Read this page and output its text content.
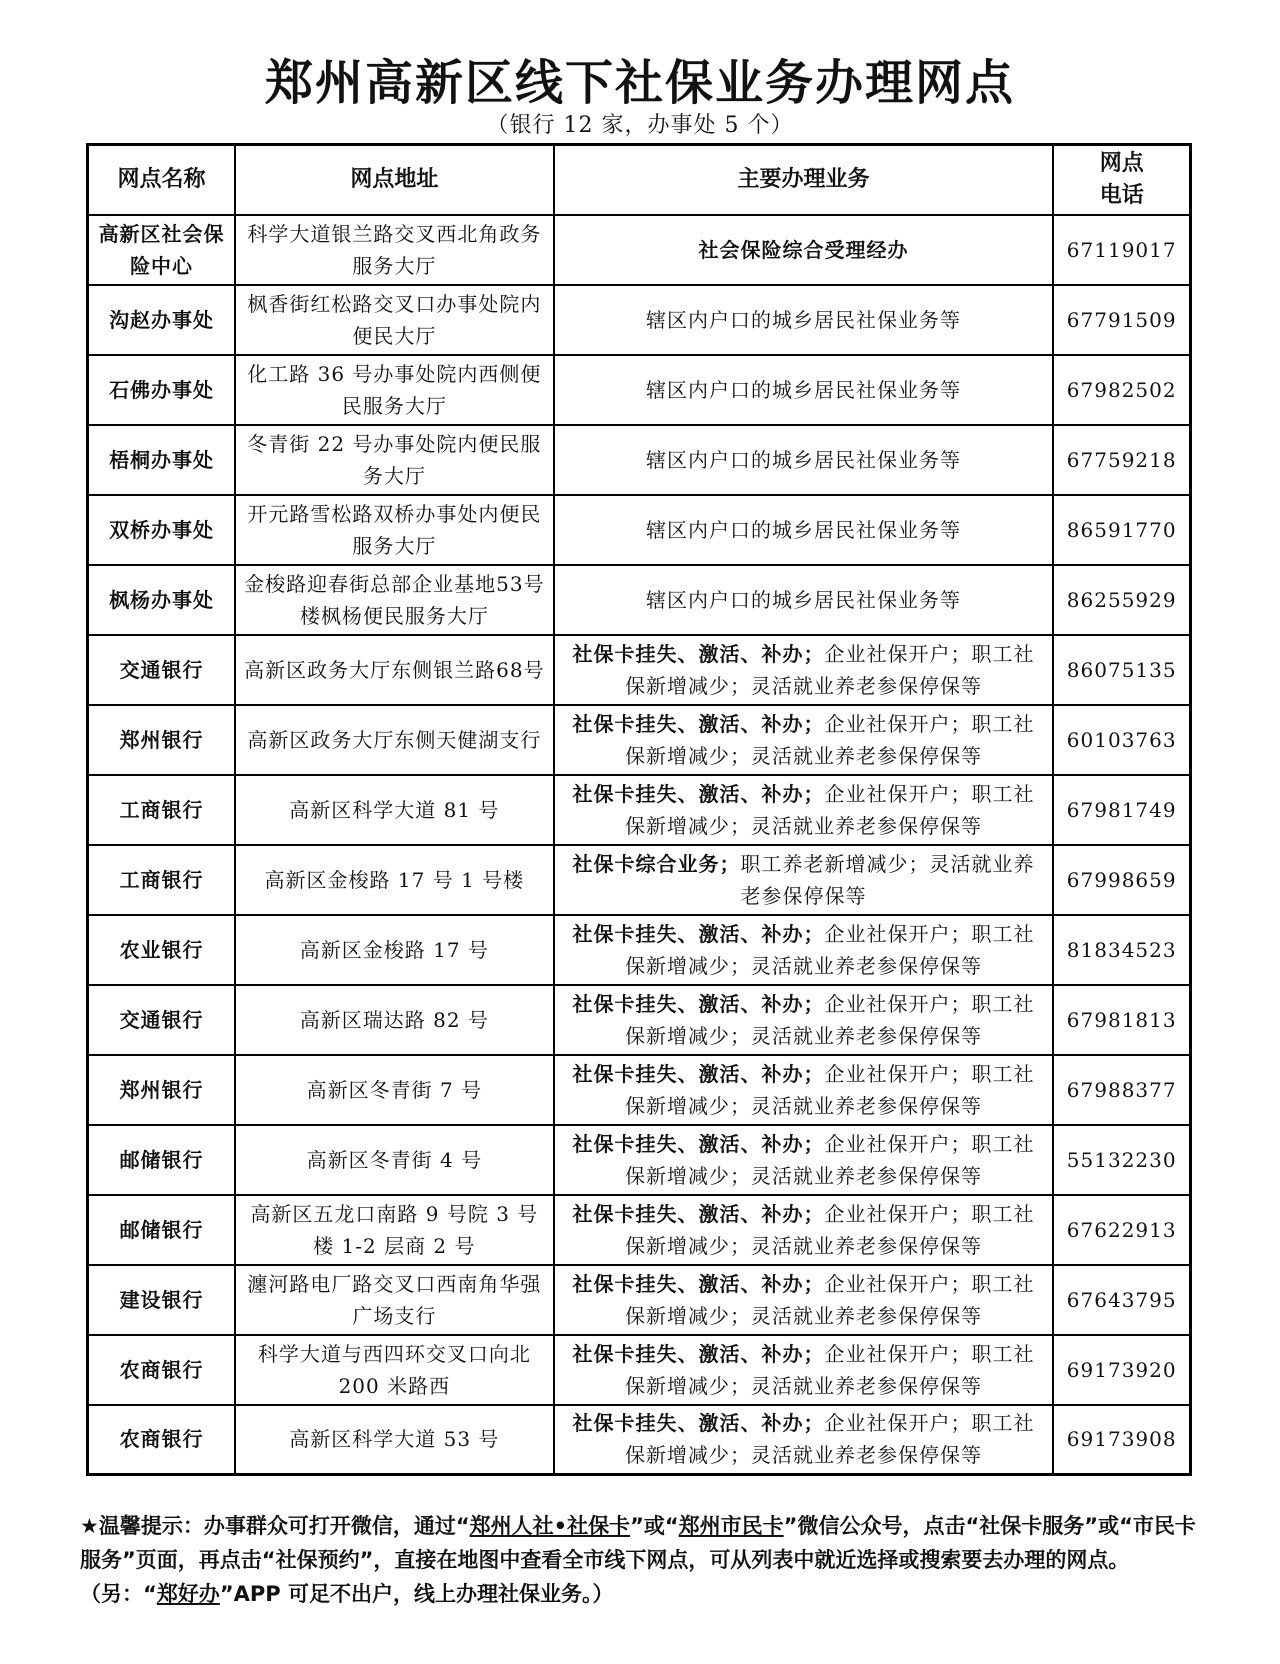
郑州高新区线下社保业务办理网点
（银行 12 家，办事处 5 个）
网点名称	网点地址	主要办理业务	网点
电话
高新区社会保险中心	科学大道银兰路交叉西北角政务服务大厅	社会保险综合受理经办	67119017
沟赵办事处	枫香街红松路交叉口办事处院内便民大厅	辖区内户口的城乡居民社保业务等	67791509
石佛办事处	化工路 36 号办事处院内西侧便民服务大厅	辖区内户口的城乡居民社保业务等	67982502
梧桐办事处	冬青街 22 号办事处院内便民服务大厅	辖区内户口的城乡居民社保业务等	67759218
双桥办事处	开元路雪松路双桥办事处内便民服务大厅	辖区内户口的城乡居民社保业务等	86591770
枫杨办事处	金梭路迎春街总部企业基地53号楼枫杨便民服务大厅	辖区内户口的城乡居民社保业务等	86255929
交通银行	高新区政务大厅东侧银兰路68号	社保卡挂失、激活、补办；企业社保开户；职工社保新增减少；灵活就业养老参保停保等	86075135
郑州银行	高新区政务大厅东侧天健湖支行	社保卡挂失、激活、补办；企业社保开户；职工社保新增减少；灵活就业养老参保停保等	60103763
工商银行	高新区科学大道 81 号	社保卡挂失、激活、补办；企业社保开户；职工社保新增减少；灵活就业养老参保停保等	67981749
工商银行	高新区金梭路 17 号 1 号楼	社保卡综合业务；职工养老新增减少；灵活就业养老参保停保等	67998659
农业银行	高新区金梭路 17 号	社保卡挂失、激活、补办；企业社保开户；职工社保新增减少；灵活就业养老参保停保等	81834523
交通银行	高新区瑞达路 82 号	社保卡挂失、激活、补办；企业社保开户；职工社保新增减少；灵活就业养老参保停保等	67981813
郑州银行	高新区冬青街 7 号	社保卡挂失、激活、补办；企业社保开户；职工社保新增减少；灵活就业养老参保停保等	67988377
邮储银行	高新区冬青街 4 号	社保卡挂失、激活、补办；企业社保开户；职工社保新增减少；灵活就业养老参保停保等	55132230
邮储银行	高新区五龙口南路 9 号院 3 号楼 1-2 层商 2 号	社保卡挂失、激活、补办；企业社保开户；职工社保新增减少；灵活就业养老参保停保等	67622913
建设银行	瀍河路电厂路交叉口西南角华强广场支行	社保卡挂失、激活、补办；企业社保开户；职工社保新增减少；灵活就业养老参保停保等	67643795
农商银行	科学大道与西四环交叉口向北200 米路西	社保卡挂失、激活、补办；企业社保开户；职工社保新增减少；灵活就业养老参保停保等	69173920
农商银行	高新区科学大道 53 号	社保卡挂失、激活、补办；企业社保开户；职工社保新增减少；灵活就业养老参保停保等	69173908
★温馨提示：办事群众可打开微信，通过“郑州人社•社保卡”或“郑州市民卡”微信公众号，点击“社保卡服务”或“市民卡服务”页面，再点击“社保预约”，直接在地图中查看全市线下网点，可从列表中就近选择或搜索要去办理的网点。（另：“郑好办”APP 可足不出户，线上办理社保业务。）
